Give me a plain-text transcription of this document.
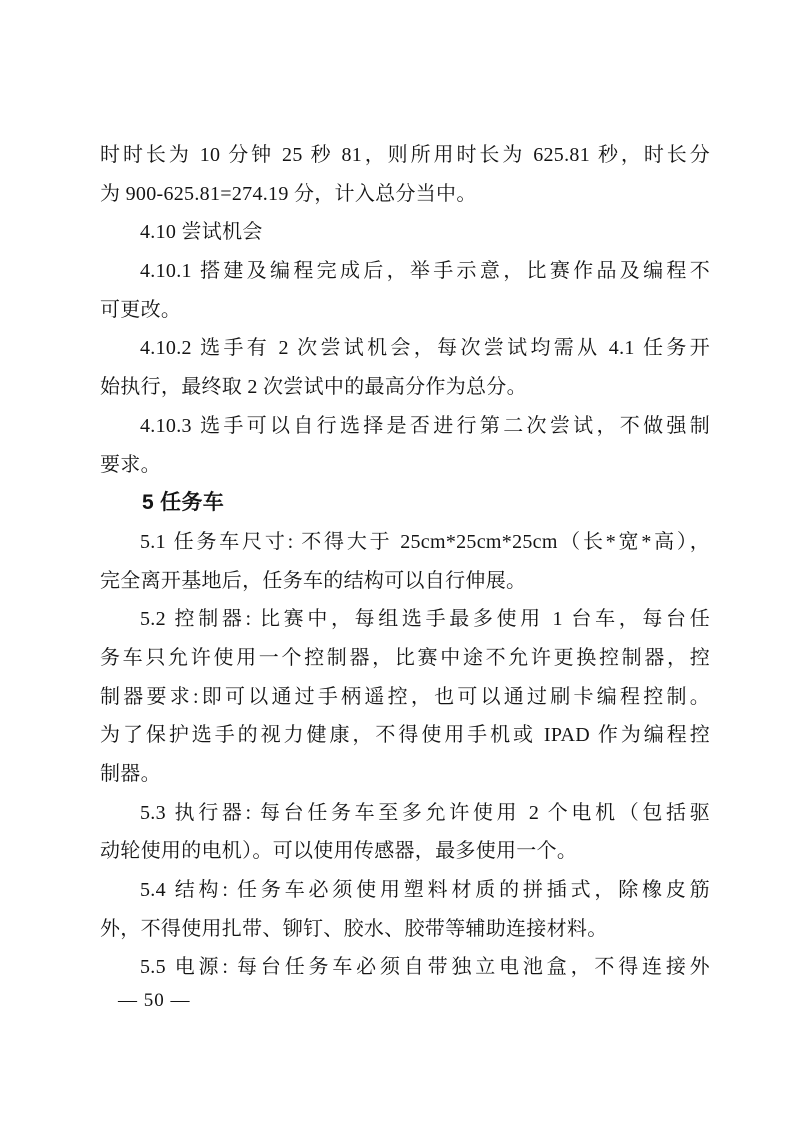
时时长为 10 分钟 25 秒 81，则所用时长为 625.81 秒，时长分
为 900-625.81=274.19 分，计入总分当中。
4.10 尝试机会
4.10.1 搭建及编程完成后，举手示意，比赛作品及编程不
可更改。
4.10.2 选手有 2 次尝试机会，每次尝试均需从 4.1 任务开
始执行，最终取 2 次尝试中的最高分作为总分。
4.10.3 选手可以自行选择是否进行第二次尝试，不做强制
要求。
5 任务车
5.1 任务车尺寸: 不得大于 25cm*25cm*25cm（长*宽*高），
完全离开基地后，任务车的结构可以自行伸展。
5.2 控制器: 比赛中，每组选手最多使用 1 台车，每台任
务车只允许使用一个控制器，比赛中途不允许更换控制器，控
制器要求:即可以通过手柄遥控，也可以通过刷卡编程控制。
为了保护选手的视力健康，不得使用手机或 IPAD 作为编程控
制器。
5.3 执行器: 每台任务车至多允许使用 2 个电机（包括驱
动轮使用的电机）。可以使用传感器，最多使用一个。
5.4 结构: 任务车必须使用塑料材质的拼插式，除橡皮筋
外，不得使用扎带、铆钉、胶水、胶带等辅助连接材料。
5.5 电源: 每台任务车必须自带独立电池盒，不得连接外
— 50 —
